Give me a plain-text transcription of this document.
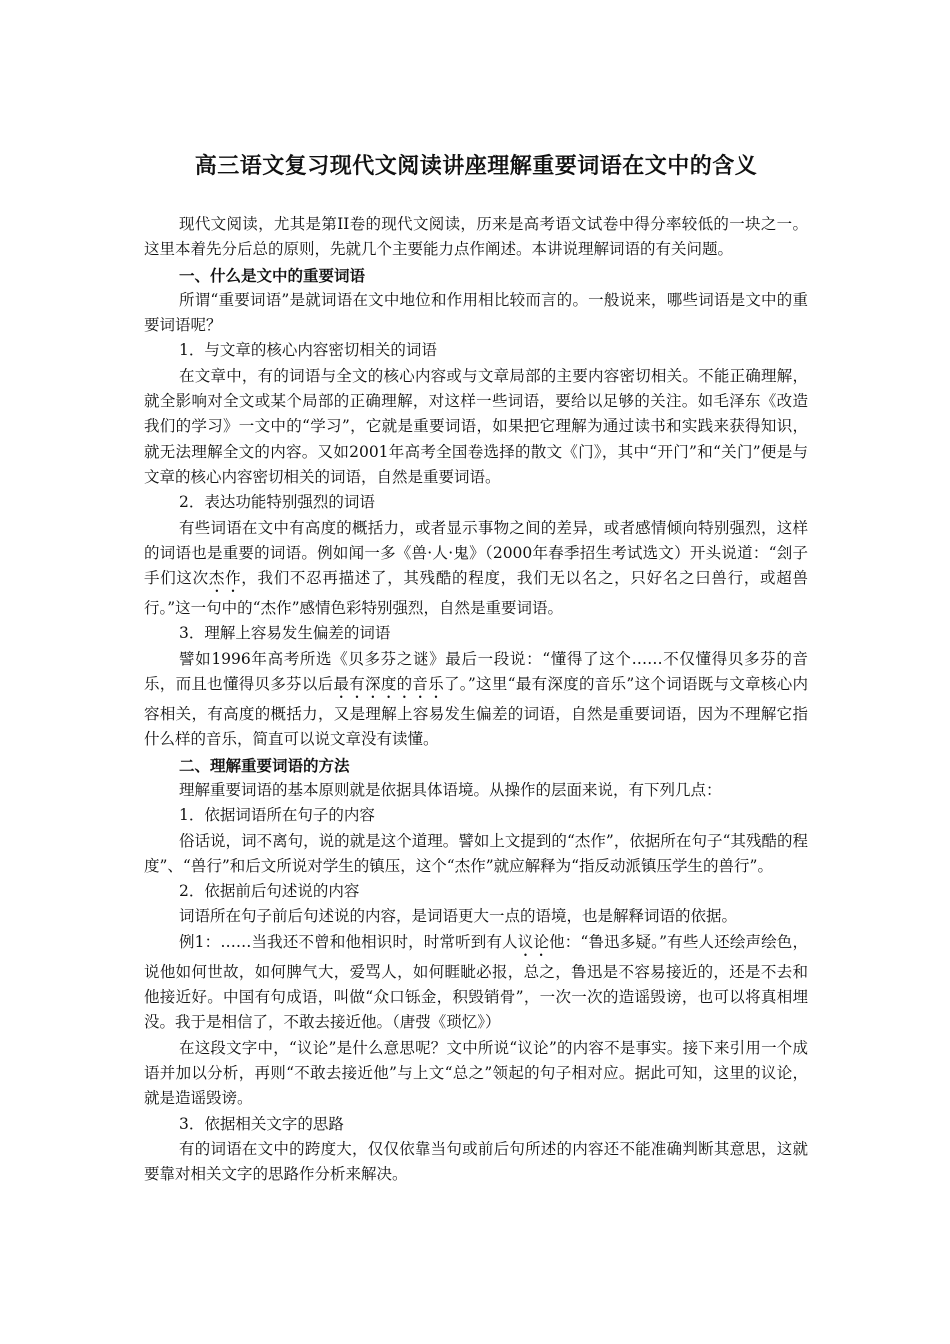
高三语文复习现代文阅读讲座理解重要词语在文中的含义

现代文阅读，尤其是第II卷的现代文阅读，历来是高考语文试卷中得分率较低的一块之一。这里本着先分后总的原则，先就几个主要能力点作阐述。本讲说理解词语的有关问题。

一、什么是文中的重要词语

所谓“重要词语”是就词语在文中地位和作用相比较而言的。一般说来，哪些词语是文中的重要词语呢？

1．与文章的核心内容密切相关的词语

在文章中，有的词语与全文的核心内容或与文章局部的主要内容密切相关。不能正确理解，就全影响对全文或某个局部的正确理解，对这样一些词语，要给以足够的关注。如毛泽东《改造我们的学习》一文中的“学习”，它就是重要词语，如果把它理解为通过读书和实践来获得知识，就无法理解全文的内容。又如2001年高考全国卷选择的散文《门》，其中“开门”和“关门”便是与文章的核心内容密切相关的词语，自然是重要词语。

2．表达功能特别强烈的词语

有些词语在文中有高度的概括力，或者显示事物之间的差异，或者感情倾向特别强烈，这样的词语也是重要的词语。例如闻一多《兽·人·鬼》（2000年春季招生考试选文）开头说道：“刽子手们这次杰作，我们不忍再描述了，其残酷的程度，我们无以名之，只好名之曰兽行，或超兽行。”这一句中的“杰作”感情色彩特别强烈，自然是重要词语。

3．理解上容易发生偏差的词语

譬如1996年高考所选《贝多芬之谜》最后一段说：“懂得了这个……不仅懂得贝多芬的音乐，而且也懂得贝多芬以后最有深度的音乐了。”这里“最有深度的音乐”这个词语既与文章核心内容相关，有高度的概括力，又是理解上容易发生偏差的词语，自然是重要词语，因为不理解它指什么样的音乐，简直可以说文章没有读懂。

二、理解重要词语的方法

理解重要词语的基本原则就是依据具体语境。从操作的层面来说，有下列几点：

1．依据词语所在句子的内容

俗话说，词不离句，说的就是这个道理。譬如上文提到的“杰作”，依据所在句子“其残酷的程度”、“兽行”和后文所说对学生的镇压，这个“杰作”就应解释为“指反动派镇压学生的兽行”。

2．依据前后句述说的内容

词语所在句子前后句述说的内容，是词语更大一点的语境，也是解释词语的依据。

例1：……当我还不曾和他相识时，时常听到有人议论他：“鲁迅多疑。”有些人还绘声绘色，说他如何世故，如何脾气大，爱骂人，如何睚眦必报，总之，鲁迅是不容易接近的，还是不去和他接近好。中国有句成语，叫做“众口铄金，积毁销骨”，一次一次的造谣毁谤，也可以将真相埋没。我于是相信了，不敢去接近他。（唐弢《琐忆》）

在这段文字中，“议论”是什么意思呢？文中所说“议论”的内容不是事实。接下来引用一个成语并加以分析，再则“不敢去接近他”与上文“总之”领起的句子相对应。据此可知，这里的议论，就是造谣毁谤。

3．依据相关文字的思路

有的词语在文中的跨度大，仅仅依靠当句或前后句所述的内容还不能准确判断其意思，这就要靠对相关文字的思路作分析来解决。
